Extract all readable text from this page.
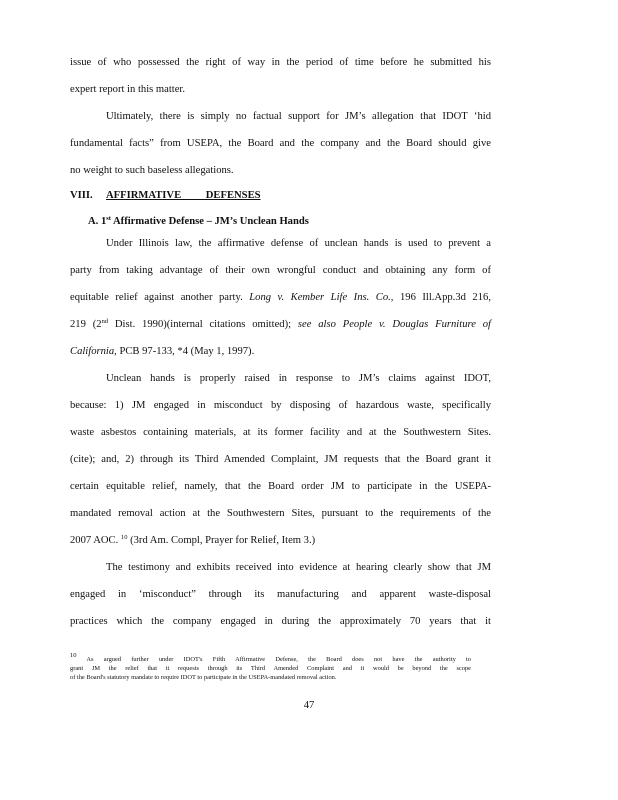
issue of who possessed the right of way in the period of time before he submitted his
expert report in this matter.
Ultimately, there is simply no factual support for JM’s allegation that IDOT ‘hid
fundamental facts” from USEPA, the Board and the company and the Board should give
no weight to such baseless allegations.
VIII. AFFIRMATIVE DEFENSES
A. 1st Affirmative Defense – JM’s Unclean Hands
Under Illinois law, the affirmative defense of unclean hands is used to prevent a
party from taking advantage of their own wrongful conduct and obtaining any form of
equitable relief against another party. Long v. Kember Life Ins. Co., 196 Ill.App.3d 216,
219 (2nd Dist. 1990)(internal citations omitted); see also People v. Douglas Furniture of
California, PCB 97-133, *4 (May 1, 1997).
Unclean hands is properly raised in response to JM’s claims against IDOT,
because: 1) JM engaged in misconduct by disposing of hazardous waste, specifically
waste asbestos containing materials, at its former facility and at the Southwestern Sites.
(cite); and, 2) through its Third Amended Complaint, JM requests that the Board grant it
certain equitable relief, namely, that the Board order JM to participate in the USEPA-
mandated removal action at the Southwestern Sites, pursuant to the requirements of the
2007 AOC. $^{10}$ (3rd Am. Compl, Prayer for Relief, Item 3.)
The testimony and exhibits received into evidence at hearing clearly show that JM
engaged in ‘misconduct” through its manufacturing and apparent waste-disposal
practices which the company engaged in during the approximately 70 years that it
$^{10}$ As argued further under IDOT's Fifth Affirmative Defense, the Board does not have the authority to
grant JM the relief that it requests through its Third Amended Complaint and it would be beyond the scope
of the Board's statutory mandate to require IDOT to participate in the USEPA-mandated removal action.
47
